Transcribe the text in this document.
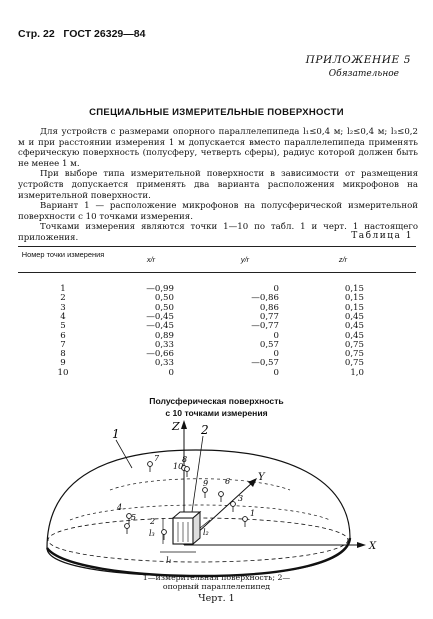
Стр. 22 ГОСТ 26329—84
ПРИЛОЖЕНИЕ 5
Обязательное
СПЕЦИАЛЬНЫЕ ИЗМЕРИТЕЛЬНЫЕ ПОВЕРХНОСТИ

Для устройств с размерами опорного параллелепипеда l₁≤0,4 м; l₂≤0,4 м; l₃≤0,2 м и при расстоянии измерения 1 м допускается вместо параллелепипеда применять сферическую поверхность (полусферу, четверть сферы), радиус которой должен быть не менее 1 м.

При выборе типа измерительной поверхности в зависимости от размещения устройств допускается применять два варианта расположения микрофонов на измерительной поверхности.

Вариант 1 — расположение микрофонов на полусферической измерительной поверхности с 10 точками измерения.

Точками измерения являются точки 1—10 по табл. 1 и черт. 1 настоящего приложения.	Таблица 1
Номер точки измерения
x/r	y/r	z/r
1	—0,99	0	0,15
2	0,50	—0,86	0,15
3	0,50	0,86	0,15
4	—0,45	0,77	0,45
5	—0,45	—0,77	0,45
6	0,89	0	0,45
7	0,33	0,57	0,75
8	—0,66	0	0,75
9	0,33	—0,57	0,75
10	0	0	1,0
Полусферическая поверхность
с 10 точками измерения
Z
X
Y
l₁
l₂
l₃
1	2
1
2
3
4
5
6
7	8
9
10
1—измерительная поверхность; 2—
опорный параллелепипед
Черт. 1
